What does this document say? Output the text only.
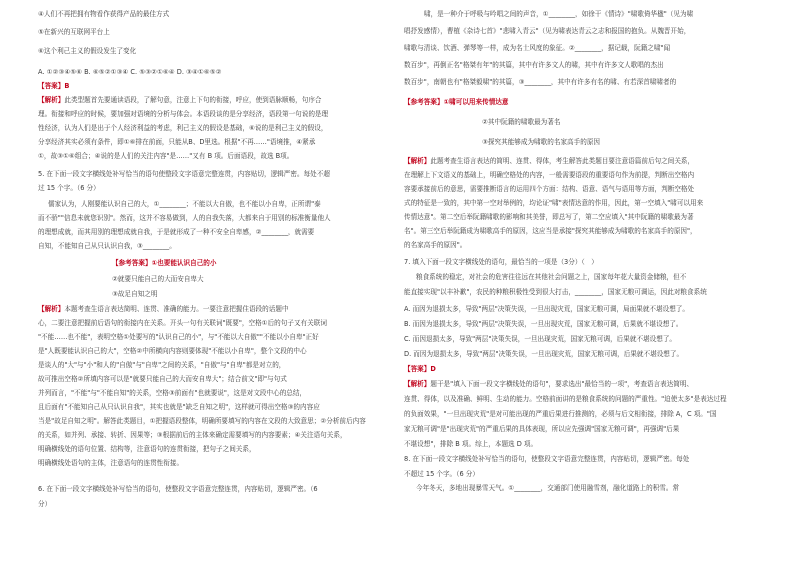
④人们不再把拥有物看作获得产品的最佳方式
⑤在新兴的互联网平台上
⑥这个利己主义的假设发生了变化
A. ①②③④⑤⑥ B. ⑥⑤②①③④ C. ⑤③②①⑥④ D. ③④①⑥⑤②
【答案】B
【解析】此类型题首先要通读语段，了解句意，注意上下句的衔接，呼应，使到语脉顺畅，句序合
理。衔接和呼应的时候，要加强对语境的分析与体会。本语段谈的是分享经济，语段第一句说的是理
性经济，认为人们是出于个人经济利益的考虑，利己主义的假设是基础，⑥说的是利己主义的假设，
分享经济其实必须有条件，即①⑥排在前面，只能从B、D里选。根据"不再……"语境推，④紧承
①，故③①⑥组合；④说的是人们的关注内容"是……"又有 B 项。后面语段，故选 B项。
5. 在下面一段文字横线处补写恰当的语句使整段文字语意完整连贯，内容贴切，逻辑严密。每处不超
过 15 个字。（6 分）
儒家认为，人刚要能认识自己的大，①________；不能以大自傲，也不能以小自卑，正所谓"泰
而不骄""信息未就您识别"。然而，这并不容易做到，人的自我失落，大都来自于用别的标准衡量他人
的理想成就，而其用别的理想成就自我，于是就形成了一种不安全自卑感，②________，就需要
自知，不能知自己从只认识自我，③________。
【参考答案】①也要能认识自己的小
②就要只能自己的大而安自卑大
③故足自知之明
【解析】本题考查生语言表达简明、连贯、准确的能力。一要注意把握住语段的话题中
心，二要注意把握前后语句的衔接内在关系。开头一句有关联词"既要"，空格①后的句子又有关联词
"不能……也不能"，表明空格①处要写的"认识自己的小"，与"不能以大自傲""不能以小自卑"正好
是"人既要能认识自己的大"，空格②中所横向内容则要体现"不能以小自卑"，整个文段的中心
是谈人的"大"与"小"和人的"自傲"与"自卑"之间的关系，"自傲"与"自卑"都是对立的，
故可推出空格②所填内容可以是"就要只能自己的大而安自卑大"；结合前文"即"与句式
并列而言，"不能"与"不能自知"的关系，空格③前面有"也就要说"，这是对文段中心的总结，
且后面有"不能知自己从只认识自我"，其实也就是"缺乏自知之明"，这样就可得出空格③的内容应
当是"故足自知之明"。解答此类题目，①把握语段整体，明确所要填写的内容在文段的大致意思；②分析前后内容
的关系，如并列、承接、转折、因果等；③根据前后的主体来确定需要填写的内容要素；④关注语句关系，
明确横线处的语句位置、结构等，注意语句的连贯衔接，把句子之间关系，
明确横线处语句的主体，注意语句的连贯性衔接。
6. 在下面一段文字横线处补写恰当的语句，使整段文字语意完整连贯，内容贴切，逻辑严密。（6
分）
啸，是一种介于呼吸与吟唱之间的声音，①________，如徐干《情诗》"啸歌倚华楹"（见为啸
唱抒发感情），曹植《杂诗七首》"悲啸入青云"（见为啸表达青云之志和报国的抱负。从魏晋开始，
啸歌与清谈、饮酒、弹琴等一样，成为名士风度的象征。②________，据记载，阮籍之啸"闻
数百步"，再倒正名"格桀有年"的其篇，其中有许多文人的啸，其中有许多文人歌唱的杰出
数百步"，南朝也有"格桀毅啸"的其篇，③________，其中有许多有名的啸、有若深首啸啸者的
【参考答案】①啸可以用来传情达意
②其中阮籍的啸歌最为著名
③探究其能够成为啸歌的名家高手的原因
【解析】此题考查生语言表达的简明、连贯、得体，考生解答此类题目要注意语篇前后句之间关系，
在理解上下文语义的基础上，明确空格处的内容，一般需要语段的重要语句作为前提，判断出空格内
容要承接前后的意思，需要推断语言的运用四个方面：结构、语意、语气与语用等方面，判断空格处
式的特征是一致的，其中第一空对举例的，均论证"啸"表情达意的作用，因此，第一空填入"啸可以用来
传情达意"。第二空后举阮籍啸歌的影响和其美誉，即总写了，第二空应填入"其中阮籍的啸歌最为著
名"。第三空后举阮籍成为啸歌高手的原因，这应当是承接"探究其能够成为啸歌的名家高手的原因"，
的名家高手的原因"。
7. 填入下面一段文字横线处的语句，最恰当的一项是（3分）（　）
粮食系统的稳定，对社会的危害往往远在其他社会问题之上，国家每年花大量资金储粮，但不
能直接实现"以丰补歉"，农民的种粮积极性受到很大打击，________，国家无粮可调运，因此对粮食系统
A. 而因为退损太多，导致"两层"决策失误，一旦出现灾荒，国家无粮可调，局面果就不堪设想了。
B. 而因为退损太多，导致"两层"决策失误，一旦出现灾荒，国家无粮可调，后果就不堪设想了。
C. 而因退损太多，导致"两层"决策失误，一旦出现灾荒，国家无粮可调，后果就不堪设想了。
D. 而因为退损太多，导致"两层"决策失误，一旦出现灾荒，国家无粮可调，后果就不堪设想了。
【答案】D
【解析】题干是"填入下面一段文字横线处的语句"，要求选出"最恰当的一项"，考查语言表达简明、
连贯、得体，以及准确、鲜明、生动的能力。空格前面讲的是粮食系统的问题的严重性。"迫使太多"是表达过程
的负面效果，"一旦出现灾荒"是对可能出现的严重后果进行推测的，必须与后文相衔接，排除 A，C 项。"国
家无粮可调"是"出现灾荒"的严重后果的具体表现，所以应先强调"国家无粮可调"，再强调"后果
不堪设想"，排除 B 项。综上，本题选 D 项。
8. 在下面一段文字横线处补写恰当的语句，使整段文字语意完整连贯，内容贴切，逻辑严密。每处
不超过 15 个字。（6 分）
今年冬天，多地出现暴雪天气。①________，交通部门使用融雪剂，融化道路上的积雪。常
